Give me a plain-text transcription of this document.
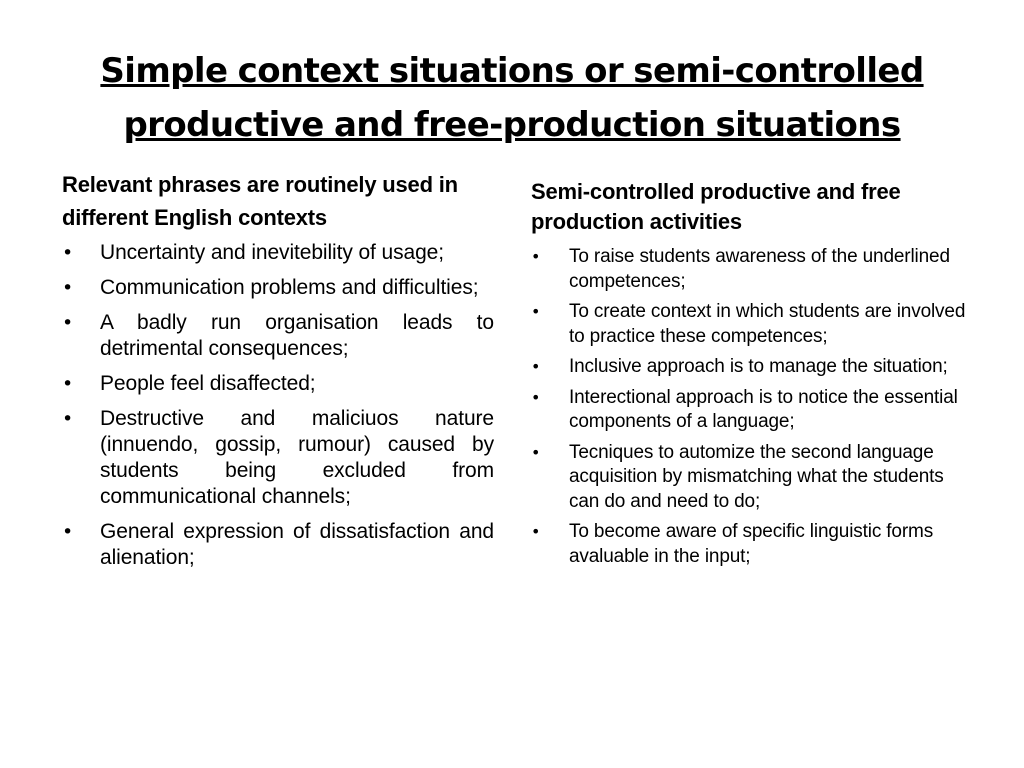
Simple context situations or semi-controlled productive and free-production situations
Relevant phrases are routinely used in different English contexts
• Uncertainty and inevitebility of usage;
• Communication problems and difficulties;
• A badly run organisation leads to detrimental consequences;
• People feel disaffected;
• Destructive and maliciuos nature (innuendo, gossip, rumour) caused by students being excluded from communicational channels;
• General expression of dissatisfaction and alienation;
Semi-controlled productive and free production activities
• To raise students awareness of the underlined competences;
• To create context in which students are involved to practice these competences;
• Inclusive approach is to manage the situation;
• Interectional approach is to notice the essential components of a language;
• Tecniques to automize the second language acquisition by mismatching what the students can do and need to do;
• To become aware of specific linguistic forms avaluable in the input;
